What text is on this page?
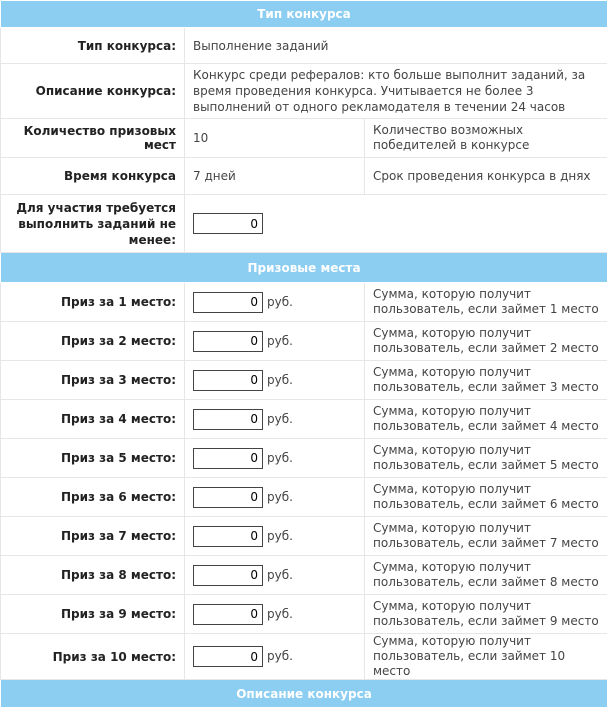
Тип конкурса		
Тип конкурса:	Выполнение заданий	
Описание конкурса:	Конкурс среди рефералов: кто больше выполнит заданий, за время проведения конкурса. Учитывается не более 3 выполнений от одного рекламодателя в течении 24 часов	
Количество призовых мест	10	Количество возможных победителей в конкурсе
Время конкурса	7 дней	Срок проведения конкурса в днях
Для участия требуется выполнить заданий не менее:	0
Призовые места		
Приз за 1 место:	0руб.	Сумма, которую получит пользователь, если займет 1 место
Приз за 2 место:	0руб.	Сумма, которую получит пользователь, если займет 2 место
Приз за 3 место:	0руб.	Сумма, которую получит пользователь, если займет 3 место
Приз за 4 место:	0руб.	Сумма, которую получит пользователь, если займет 4 место
Приз за 5 место:	0руб.	Сумма, которую получит пользователь, если займет 5 место
Приз за 6 место:	0руб.	Сумма, которую получит пользователь, если займет 6 место
Приз за 7 место:	0руб.	Сумма, которую получит пользователь, если займет 7 место
Приз за 8 место:	0руб.	Сумма, которую получит пользователь, если займет 8 место
Приз за 9 место:	0руб.	Сумма, которую получит пользователь, если займет 9 место
Приз за 10 место:	0руб.	Сумма, которую получит пользователь, если займет 10 место
Описание конкурса		
